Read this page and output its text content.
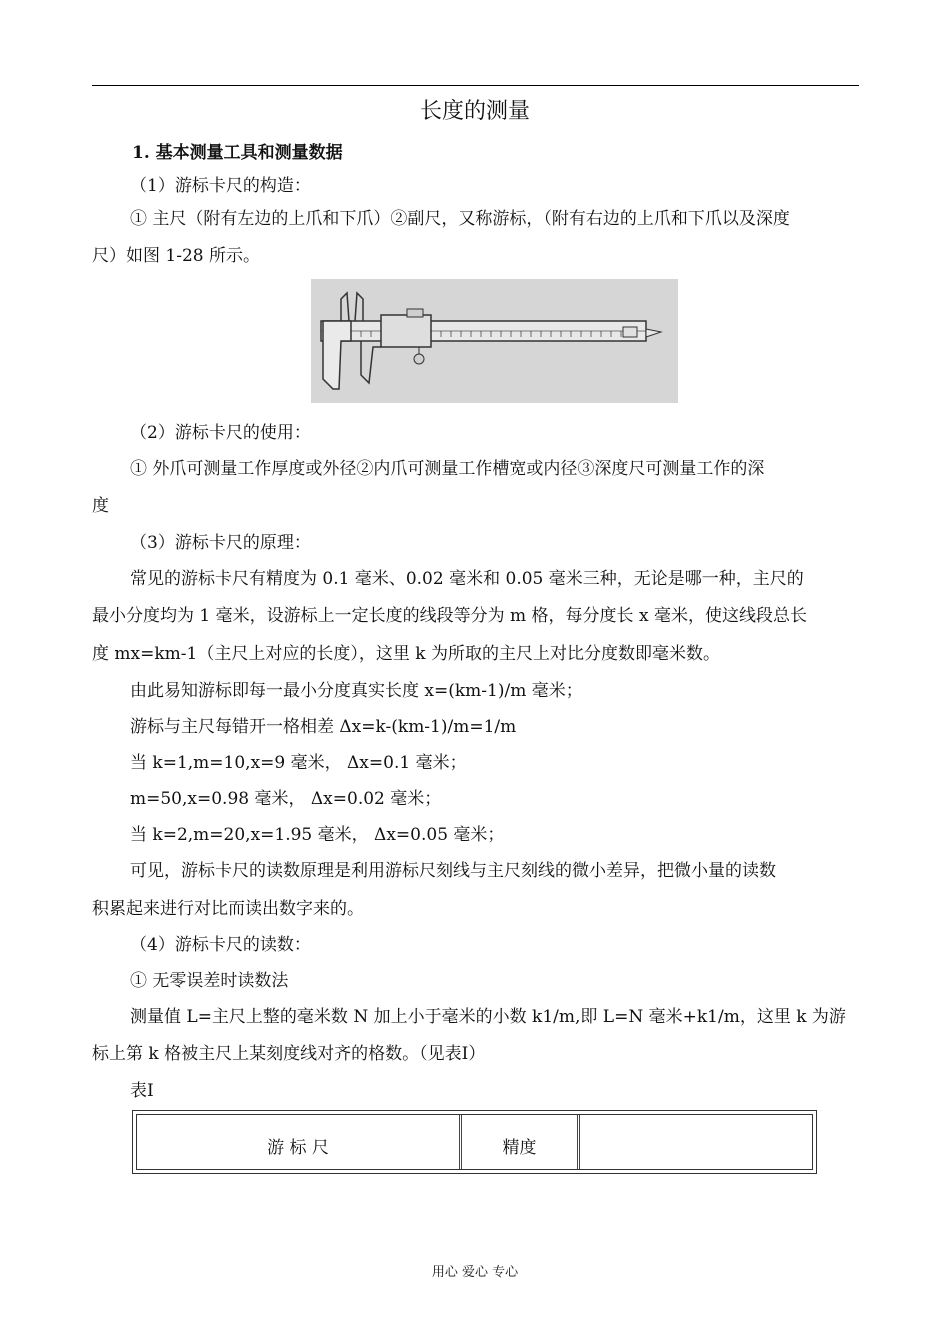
长度的测量
1. 基本测量工具和测量数据
（1）游标卡尺的构造：
① 主尺（附有左边的上爪和下爪）②副尺，又称游标，（附有右边的上爪和下爪以及深度
尺）如图 1-28 所示。
（2）游标卡尺的使用：
① 外爪可测量工作厚度或外径②内爪可测量工作槽宽或内径③深度尺可测量工作的深
度
（3）游标卡尺的原理：
常见的游标卡尺有精度为 0.1 毫米、0.02 毫米和 0.05 毫米三种，无论是哪一种，主尺的
最小分度均为 1 毫米，设游标上一定长度的线段等分为 m 格，每分度长 x 毫米，使这线段总长
度 mx=km-1（主尺上对应的长度），这里 k 为所取的主尺上对比分度数即毫米数。
由此易知游标即每一最小分度真实长度 x=(km-1)/m 毫米；
游标与主尺每错开一格相差 Δx=k-(km-1)/m=1/m
当 k=1,m=10,x=9 毫米， Δx=0.1 毫米；
m=50,x=0.98 毫米， Δx=0.02 毫米；
当 k=2,m=20,x=1.95 毫米， Δx=0.05 毫米；
可见，游标卡尺的读数原理是利用游标尺刻线与主尺刻线的微小差异，把微小量的读数
积累起来进行对比而读出数字来的。
（4）游标卡尺的读数：
① 无零误差时读数法
测量值 L=主尺上整的毫米数 N 加上小于毫米的小数 k1/m,即 L=N 毫米+k1/m，这里 k 为游
标上第 k 格被主尺上某刻度线对齐的格数。（见表Ⅰ）
表Ⅰ
游 标 尺	精度
用心 爱心 专心
